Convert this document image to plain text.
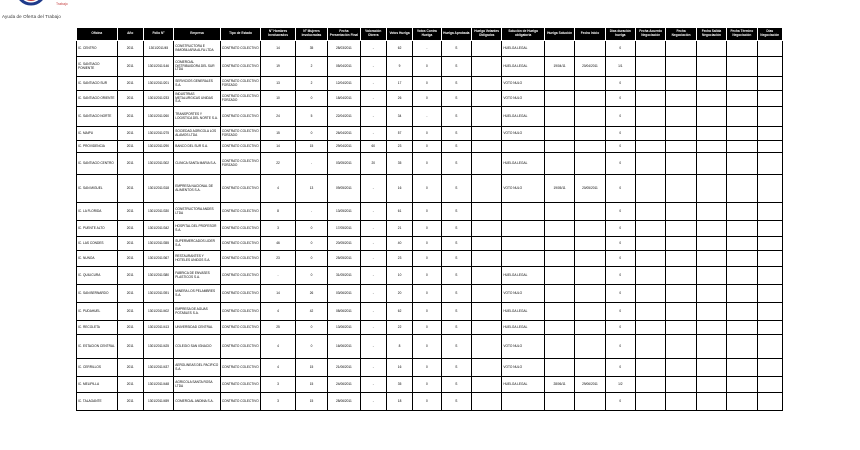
Trabajo
Ayuda de Oferta del Trabajo
Oficina	Año	Folio N°	Empresa	Tipo de Estado	N° Hombres Involucrados	N° Mujeres Involucradas	Fecha Presentación Final	Valoración Obrera	Votos Huelga	Votos Contra Huelga	Huelga Aprobada	Huelga Votantes Obligados	Solución de Huelga obligatoria	Huelga Solución	Fecha Inicio	Días duración huelga	Fecha Acuerdo Negociación	Fecha Negociación	Fecha Salida Negociación	Fecha Término Negociación	Días Negociación
IC. CENTRO	2011	1301/2011/45	CONSTRUCTORA E INMOBILIARIA ALFA LTDA	CONTRATO COLECTIVO	14	35	28/03/2011	-	62	-	S		HUELGA LEGAL			0					
IC. SANTIAGO PONIENTE	2011	1301/2011/146	COMERCIAL DISTRIBUIDORA DEL SUR LTDA	CONTRATO COLECTIVO	19	2	05/04/2011	-	9	0	S		HUELGA LEGAL	19/04/11	20/04/2011	1/1					
IC. SANTIAGO SUR	2011	1301/2011/201	SERVICIOS GENERALES S.A.	CONTRATO COLECTIVO FORZADO	13	2	12/04/2011	-	17	0	S		VOTO NULO			0					
IC. SANTIAGO ORIENTE	2011	1301/2011/233	INDUSTRIAS METALURGICAS UNIDAS S.A.	CONTRATO COLECTIVO FORZADO	10	0	18/04/2011	-	26	0	S		VOTO NULO			0					
IC. SANTIAGO NORTE	2011	1301/2011/260	TRANSPORTES Y LOGISTICA DEL NORTE S.A.	CONTRATO COLECTIVO	24	5	22/04/2011	-	34	-	S		HUELGA LEGAL			0					
IC. MAIPU	2011	1301/2011/275	SOCIEDAD AGRICOLA LOS ALAMOS LTDA	CONTRATO COLECTIVO FORZADO	15	0	26/04/2011	-	57	0	S		VOTO NULO			0					
IC. PROVIDENCIA	2011	1301/2011/290	BANCO DEL SUR S.A.	CONTRATO COLECTIVO	14	15	29/04/2011	60	23	0	S					0					
IC. SANTIAGO CENTRO	2011	1301/2011/302	CLINICA SANTA MARIA S.A.	CONTRATO COLECTIVO FORZADO	22	-	03/05/2011	20	35	0	S		HUELGA LEGAL			0					
IC. SAN MIGUEL	2011	1301/2011/318	EMPRESA NACIONAL DE ALIMENTOS S.A.	CONTRATO COLECTIVO	4	13	09/05/2011	-	16	0	S		VOTO NULO	19/05/11	20/05/2011	0					
IC. LA FLORIDA	2011	1301/2011/330	CONSTRUCTORA ANDES LTDA	CONTRATO COLECTIVO	8	-	13/05/2011	-	61	0	S					0					
IC. PUENTE ALTO	2011	1301/2011/342	HOSPITAL DEL PROFESOR S.A.	CONTRATO COLECTIVO	3	0	17/05/2011	-	21	0	S					0					
IC. LAS CONDES	2011	1301/2011/355	SUPERMERCADOS LIDER S.A.	CONTRATO COLECTIVO	46	0	20/05/2011	-	40	0	S					0					
IC. NUNOA	2011	1301/2011/367	RESTAURANTES Y HOTELES UNIDOS S.A.	CONTRATO COLECTIVO	23	0	25/05/2011	-	23	0	S					0					
IC. QUILICURA	2011	1301/2011/380	FABRICA DE ENVASES PLASTICOS S.A.	CONTRATO COLECTIVO	-	0	31/05/2011	-	10	0	S		HUELGA LEGAL			0					
IC. SAN BERNARDO	2011	1301/2011/391	MINERA LOS PELAMBRES S.A.	CONTRATO COLECTIVO	14	26	03/06/2011	-	20	0	S		VOTO NULO			0					
IC. PUDAHUEL	2011	1301/2011/402	EMPRESA DE AGUAS POTABLES S.A.	CONTRATO COLECTIVO	4	42	08/06/2011	-	62	0	S		HUELGA LEGAL			0					
IC. RECOLETA	2011	1301/2011/413	UNIVERSIDAD CENTRAL	CONTRATO COLECTIVO	25	0	13/06/2011	-	22	0	S		HUELGA LEGAL			0					
IC. ESTACION CENTRAL	2011	1301/2011/425	COLEGIO SAN IGNACIO	CONTRATO COLECTIVO	4	0	16/06/2011	-	8	0	S		VOTO NULO			0					
IC. CERRILLOS	2011	1301/2011/437	AEROLINEAS DEL PACIFICO S.A.	CONTRATO COLECTIVO	4	15	21/06/2011	-	16	0	S		VOTO NULO			0					
IC. MELIPILLA	2011	1301/2011/448	AGRICOLA SANTA ROSA LTDA	CONTRATO COLECTIVO	3	15	24/06/2011	-	35	0	S		HUELGA LEGAL	28/06/11	29/06/2011	1/2					
IC. TALAGANTE	2011	1301/2011/459	COMERCIAL ANDINA S.A.	CONTRATO COLECTIVO	3	15	28/06/2011	-	18	0	S					0					
